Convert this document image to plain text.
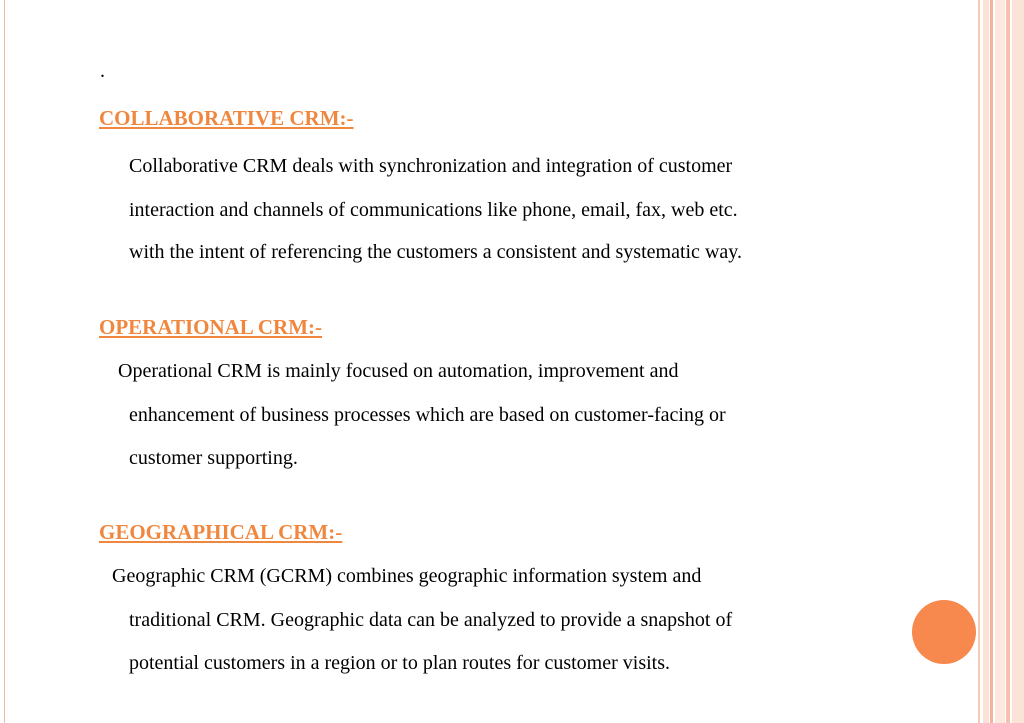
.
COLLABORATIVE CRM:-
Collaborative CRM deals with synchronization and integration of customer
interaction and channels of communications like phone, email, fax, web etc.
with the intent of referencing the customers a consistent and systematic way.
OPERATIONAL CRM:-
Operational CRM is mainly focused on automation, improvement and
enhancement of business processes which are based on customer-facing or
customer supporting.
GEOGRAPHICAL CRM:-
Geographic CRM (GCRM) combines geographic information system and
traditional CRM. Geographic data can be analyzed to provide a snapshot of
potential customers in a region or to plan routes for customer visits.
